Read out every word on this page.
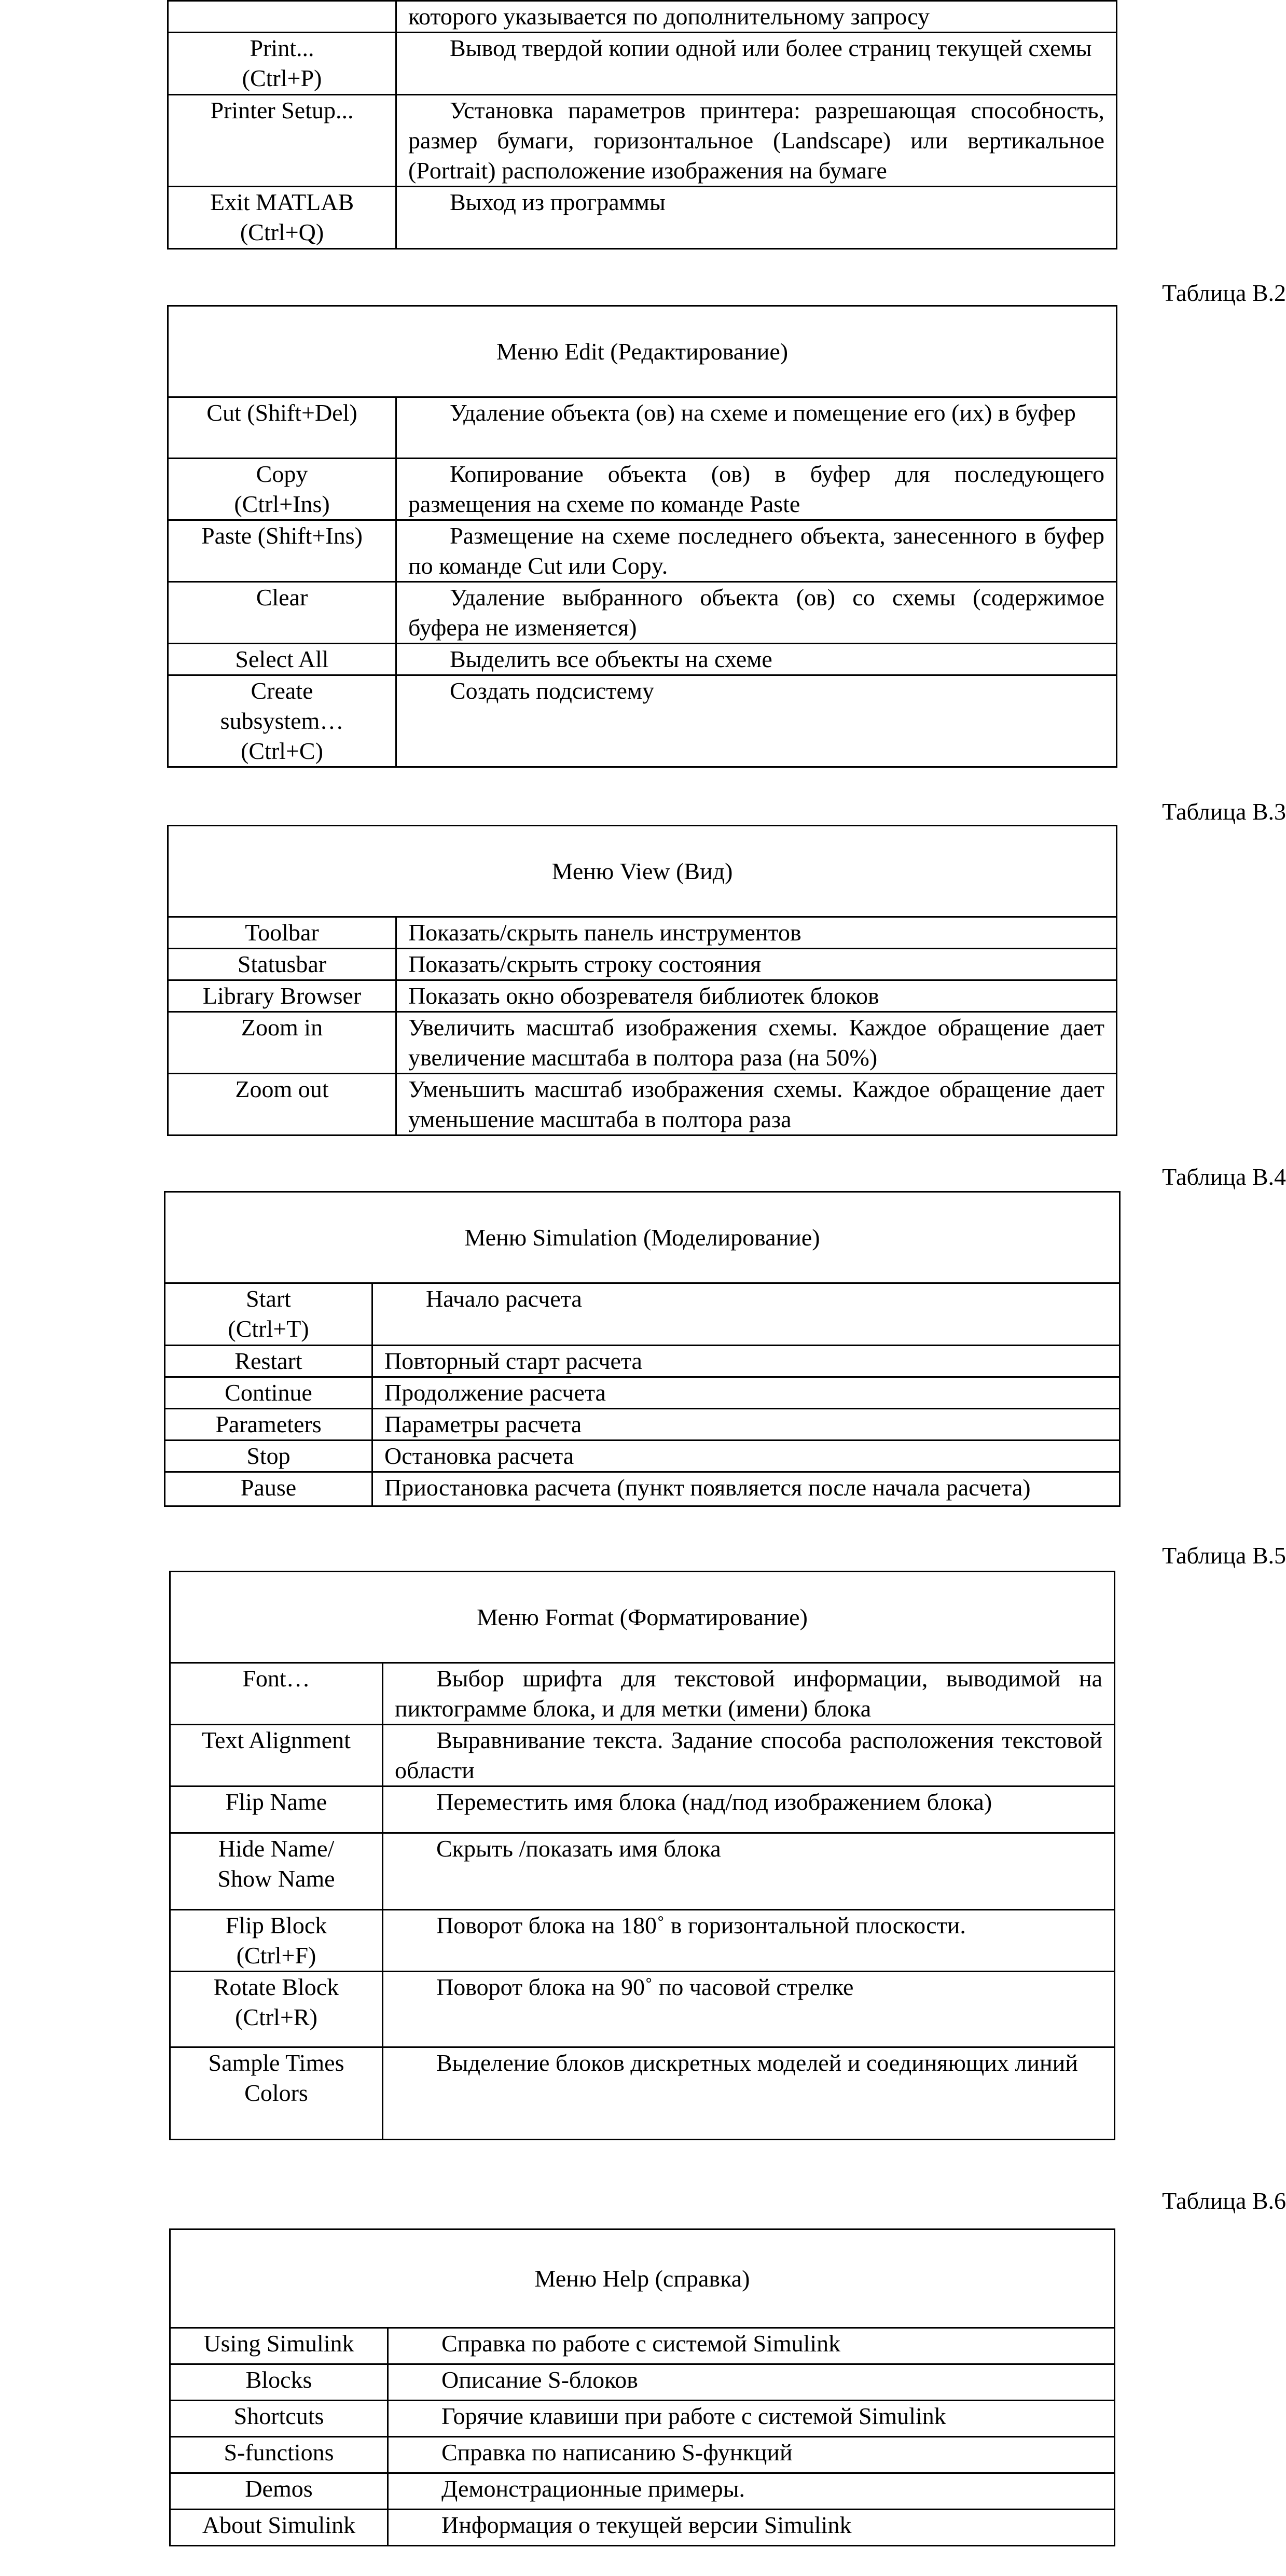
	которого указывается по дополнительному запросу
Print...
(Ctrl+P)	Вывод твердой копии одной или более страниц текущей схемы
Printer Setup...	Установка параметров принтера: разрешающая способность, размер бумаги, горизонтальное (Landscape) или вертикальное (Portrait) расположение изображения на бумаге
Exit MATLAB
(Ctrl+Q)	Выход из программы
Таблица В.2
Меню Edit (Редактирование)	
Cut (Shift+Del)	Удаление объекта (ов) на схеме и помещение его (их) в буфер
Copy
(Ctrl+Ins)	Копирование объекта (ов) в буфер для последующего размещения на схеме по команде Paste
Paste (Shift+Ins)	Размещение на схеме последнего объекта, занесенного в буфер по команде Cut или Copy.
Clear	Удаление выбранного объекта (ов) со схемы (содержимое буфера не изменяется)
Select All	Выделить все объекты на схеме
Create
subsystem…
(Ctrl+C)	Создать подсистему
Таблица В.3
Меню View (Вид)	
Toolbar	Показать/скрыть панель инструментов
Statusbar	Показать/скрыть строку состояния
Library Browser	Показать окно обозревателя библиотек блоков
Zoom in	Увеличить масштаб изображения схемы. Каждое обращение дает увеличение масштаба в полтора раза (на 50%)
Zoom out	Уменьшить масштаб изображения схемы. Каждое обращение дает уменьшение масштаба в полтора раза
Таблица В.4
Меню Simulation (Моделирование)	
Start
(Ctrl+T)	Начало расчета
Restart	Повторный старт расчета
Continue	Продолжение расчета
Parameters	Параметры расчета
Stop	Остановка расчета
Pause	Приостановка расчета (пункт появляется после начала расчета)
Таблица В.5
Меню Format (Форматирование)	
Font…	Выбор шрифта для текстовой информации, выводимой на пиктограмме блока, и для метки (имени) блока
Text Alignment	Выравнивание текста. Задание способа расположения текстовой области
Flip Name	Переместить имя блока (над/под изображением блока)
Hide Name/
Show Name	Скрыть /показать имя блока
Flip Block
(Ctrl+F)	Поворот блока на 180˚ в горизонтальной плоскости.
Rotate Block
(Ctrl+R)	Поворот блока на 90˚ по часовой стрелке
Sample Times
Colors	Выделение блоков дискретных моделей и соединяющих линий
Таблица В.6
Меню Help (справка)	
Using Simulink	Справка по работе с системой Simulink
Blocks	Описание S-блоков
Shortcuts	Горячие клавиши при работе с системой Simulink
S-functions	Справка по написанию S-функций
Demos	Демонстрационные примеры.
About Simulink	Информация о текущей версии Simulink
